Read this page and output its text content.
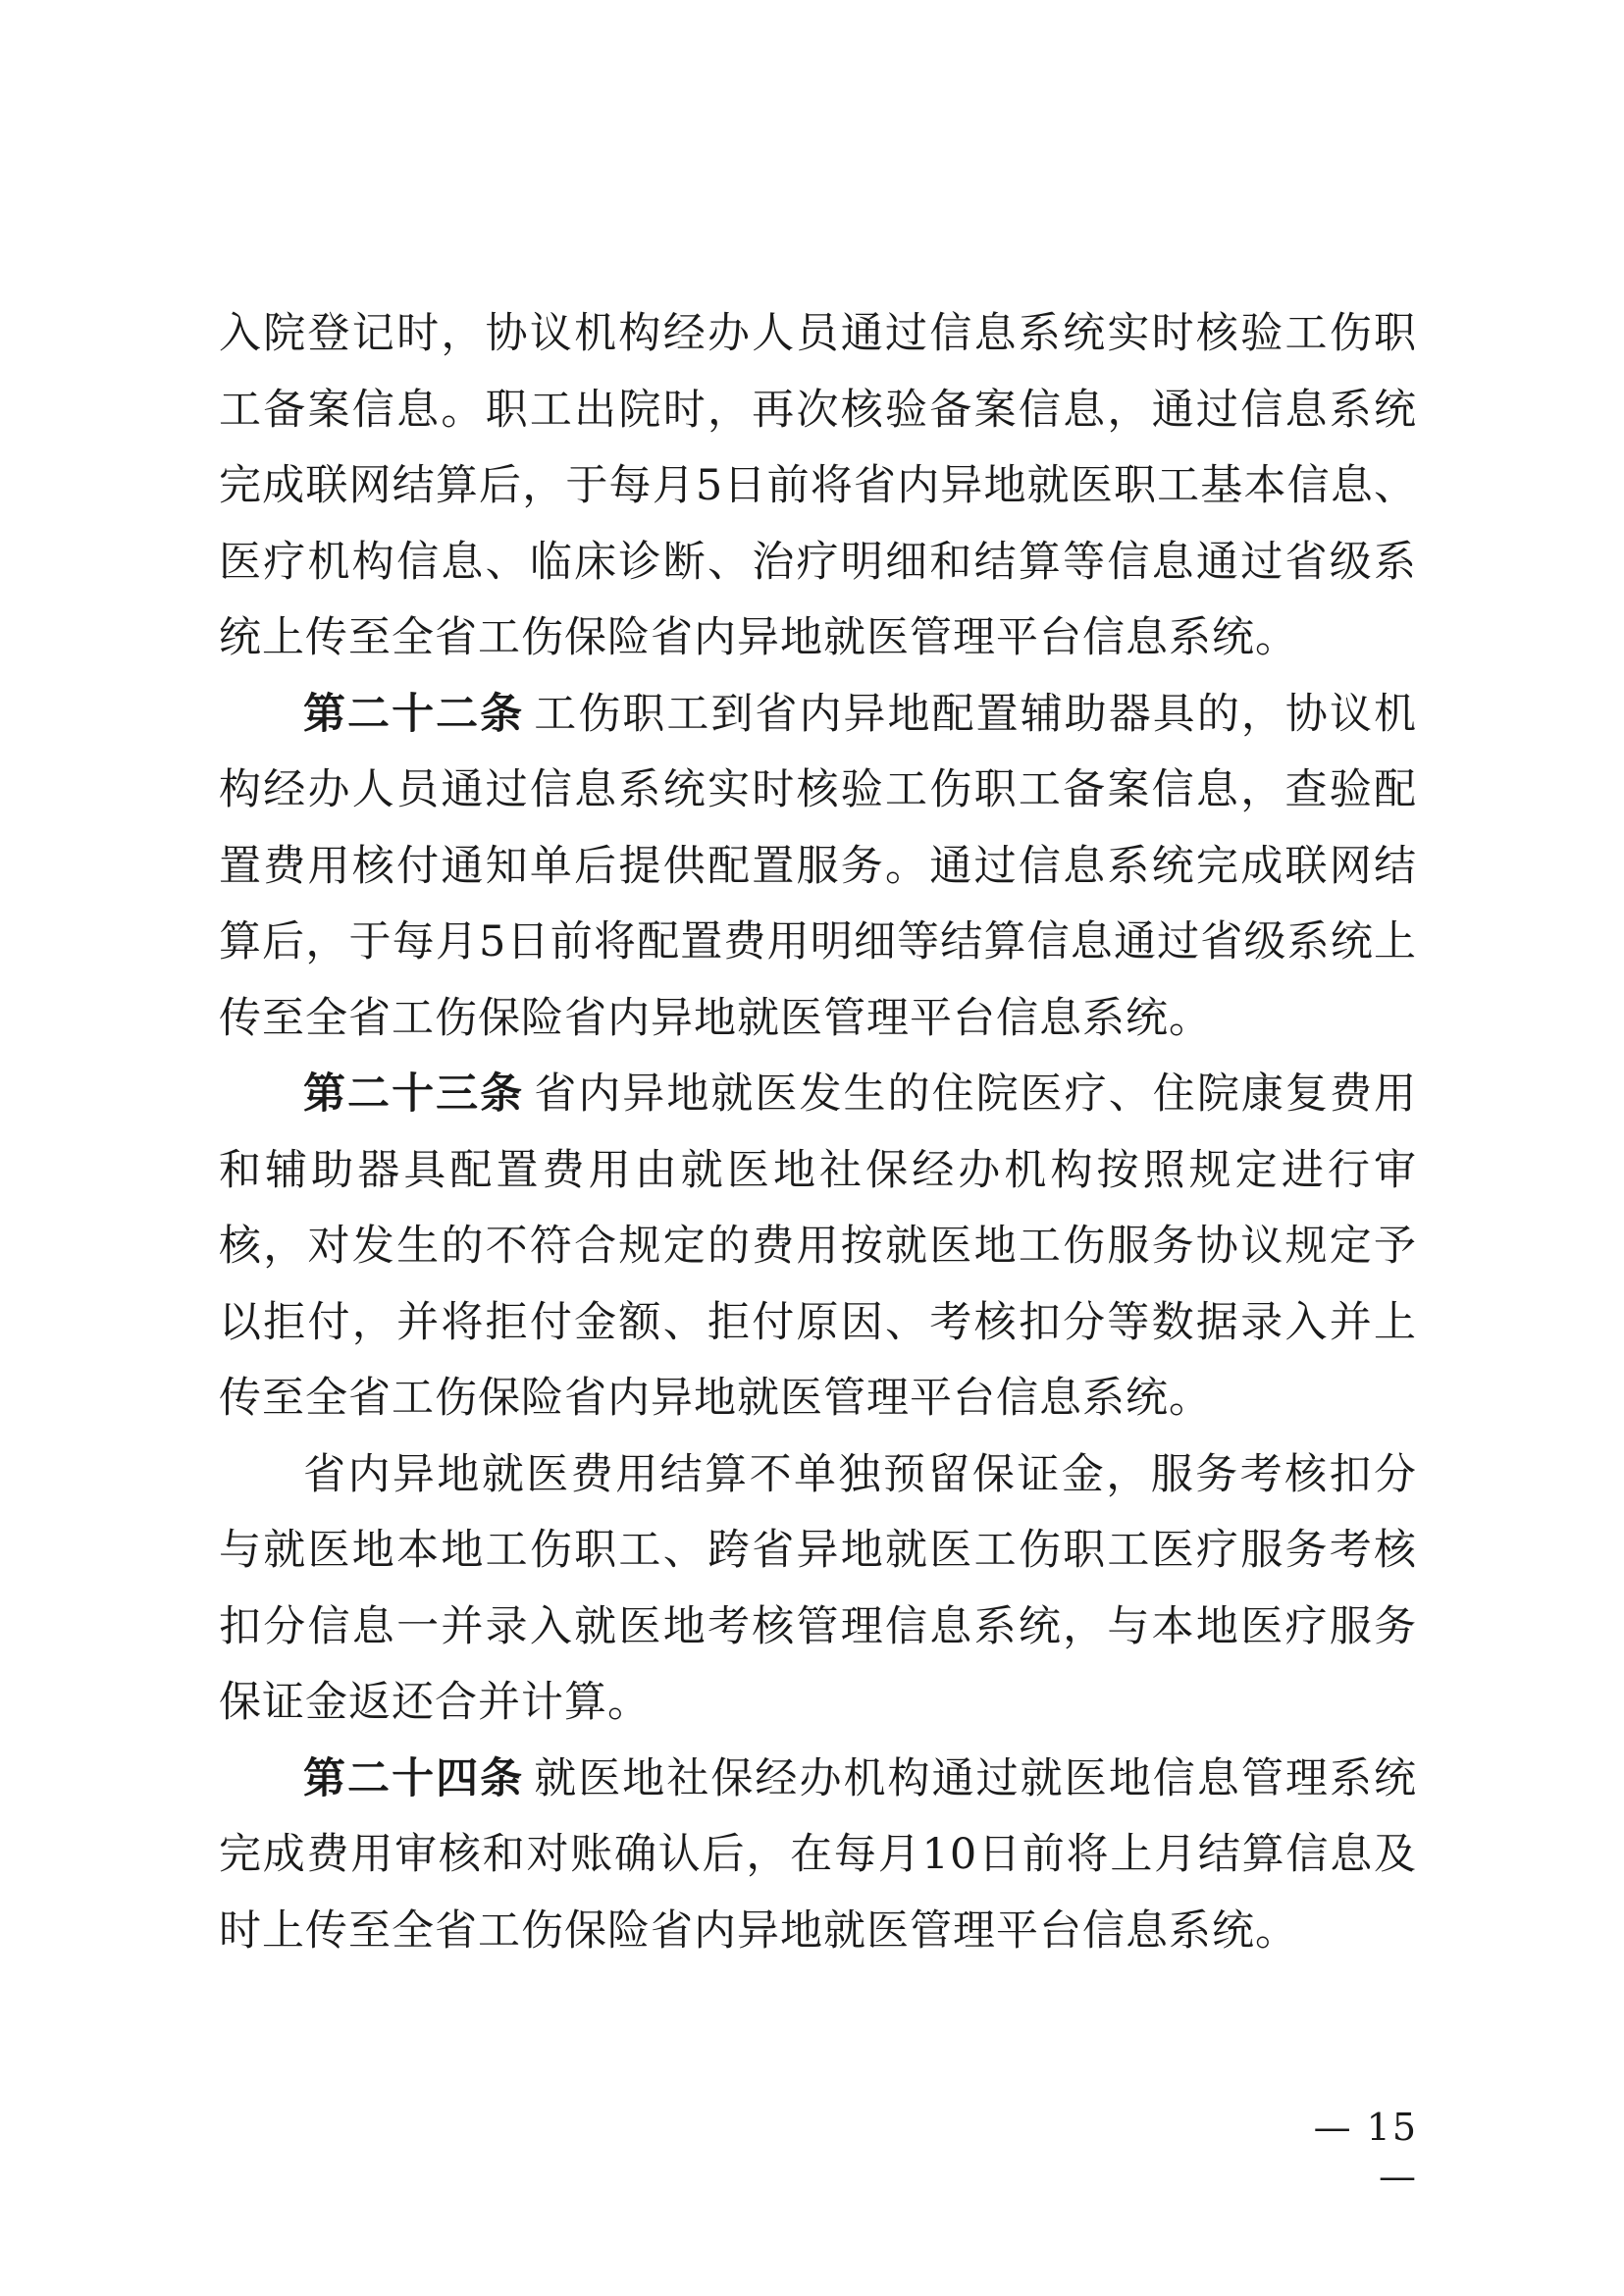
入院登记时，协议机构经办人员通过信息系统实时核验工伤职工备案信息。职工出院时，再次核验备案信息，通过信息系统完成联网结算后，于每月5日前将省内异地就医职工基本信息、医疗机构信息、临床诊断、治疗明细和结算等信息通过省级系统上传至全省工伤保险省内异地就医管理平台信息系统。

第二十二条 工伤职工到省内异地配置辅助器具的，协议机构经办人员通过信息系统实时核验工伤职工备案信息，查验配置费用核付通知单后提供配置服务。通过信息系统完成联网结算后，于每月5日前将配置费用明细等结算信息通过省级系统上传至全省工伤保险省内异地就医管理平台信息系统。

第二十三条 省内异地就医发生的住院医疗、住院康复费用和辅助器具配置费用由就医地社保经办机构按照规定进行审核，对发生的不符合规定的费用按就医地工伤服务协议规定予以拒付，并将拒付金额、拒付原因、考核扣分等数据录入并上传至全省工伤保险省内异地就医管理平台信息系统。

省内异地就医费用结算不单独预留保证金，服务考核扣分与就医地本地工伤职工、跨省异地就医工伤职工医疗服务考核扣分信息一并录入就医地考核管理信息系统，与本地医疗服务保证金返还合并计算。

第二十四条 就医地社保经办机构通过就医地信息管理系统完成费用审核和对账确认后，在每月10日前将上月结算信息及时上传至全省工伤保险省内异地就医管理平台信息系统。

— 15 —
